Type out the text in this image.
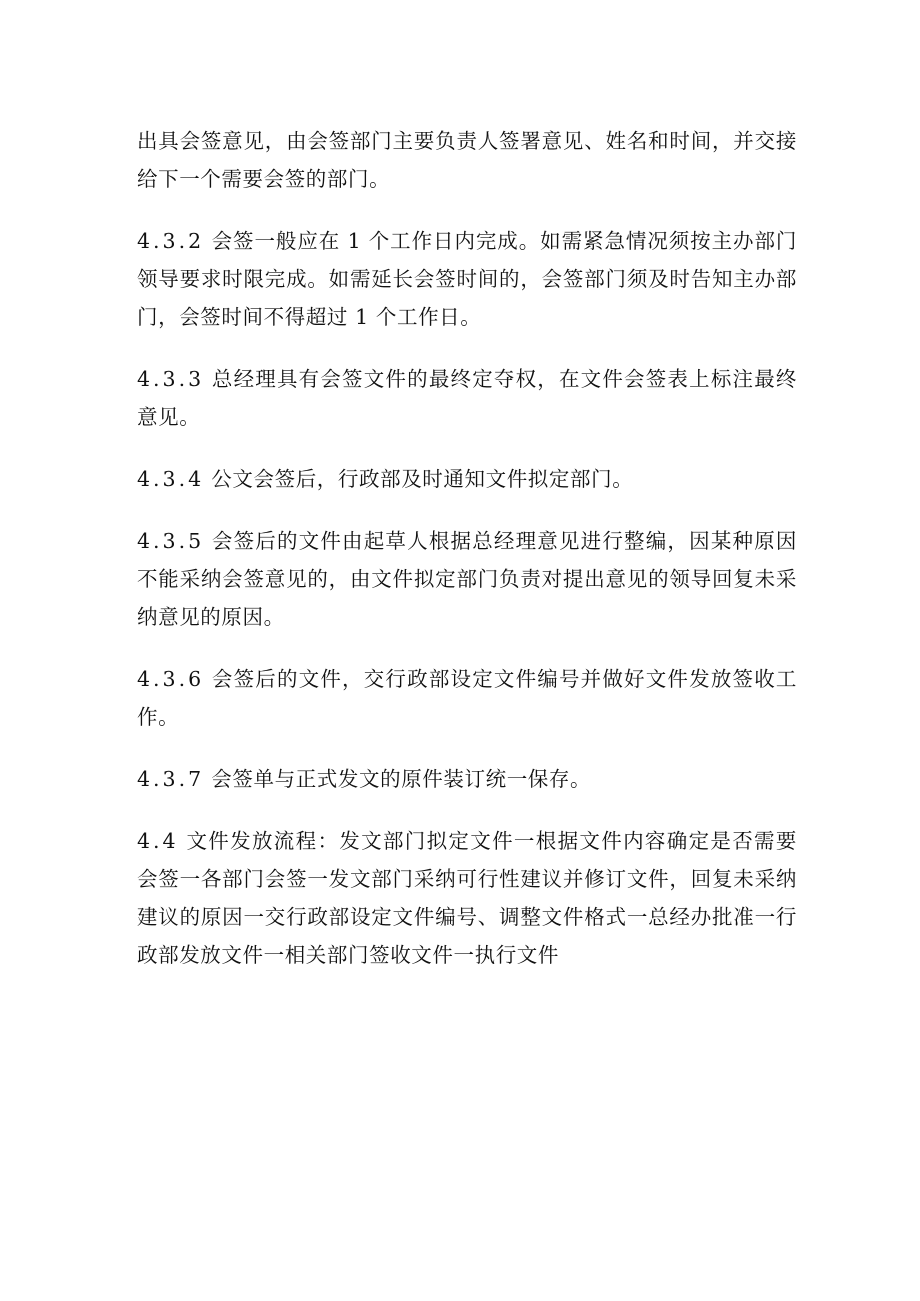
出具会签意见，由会签部门主要负责人签署意见、姓名和时间，并交接给下一个需要会签的部门。

4.3.2 会签一般应在 1 个工作日内完成。如需紧急情况须按主办部门领导要求时限完成。如需延长会签时间的，会签部门须及时告知主办部门，会签时间不得超过 1 个工作日。

4.3.3 总经理具有会签文件的最终定夺权，在文件会签表上标注最终意见。

4.3.4 公文会签后，行政部及时通知文件拟定部门。

4.3.5 会签后的文件由起草人根据总经理意见进行整编，因某种原因不能采纳会签意见的，由文件拟定部门负责对提出意见的领导回复未采纳意见的原因。

4.3.6 会签后的文件，交行政部设定文件编号并做好文件发放签收工作。

4.3.7 会签单与正式发文的原件装订统一保存。

4.4 文件发放流程：发文部门拟定文件一根据文件内容确定是否需要会签一各部门会签一发文部门采纳可行性建议并修订文件，回复未采纳建议的原因一交行政部设定文件编号、调整文件格式一总经办批准一行政部发放文件一相关部门签收文件一执行文件
